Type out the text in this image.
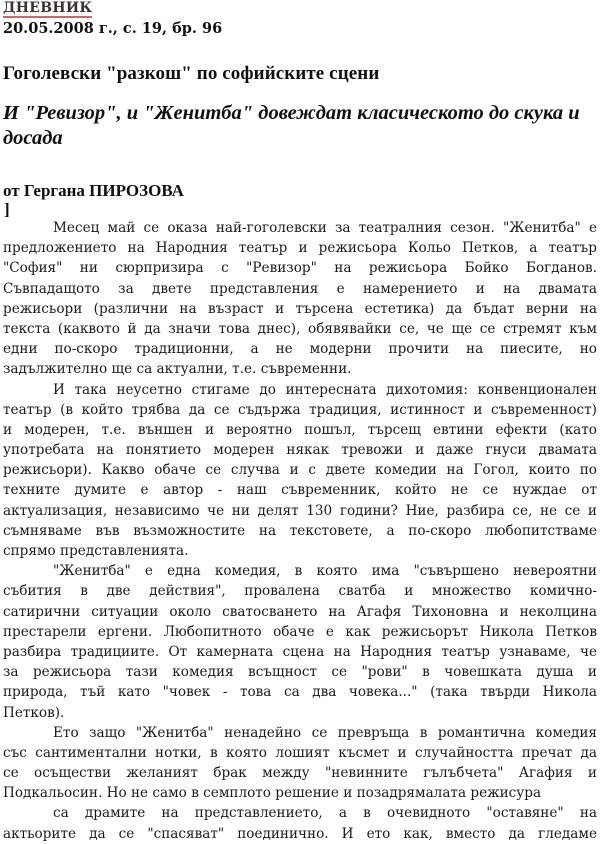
ДНЕВНИК
20.05.2008 г., с. 19, бр. 96
Гоголевски "разкош" по софийските сцени
И "Ревизор", и "Женитба" довеждат класическото до скука и досада
от Гергана ПИРОЗОВА
]
Месец май се оказа най-гоголевски за театралния сезон. "Женитба" е
предложението на Народния театър и режисьора Кольо Петков, а театър
"София" ни сюрпризира с "Ревизор" на режисьора Бойко Богданов.
Съвпадащото за двете представления е намерението и на двамата
режисьори (различни на възраст и търсена естетика) да бъдат верни на
текста (каквото й да значи това днес), обявявайки се, че ще се стремят към
едни по-скоро традиционни, а не модерни прочити на пиесите, но
задължително ще са актуални, т.е. съвременни.
И така неусетно стигаме до интересната дихотомия: конвенционален
театър (в който трябва да се съдържа традиция, истинност и съвременност)
и модерен, т.е. външен и вероятно пошъл, търсещ евтини ефекти (като
употребата на понятието модерен някак тревожи и даже гнуси двамата
режисьори). Какво обаче се случва и с двете комедии на Гогол, които по
техните думите е автор - наш съвременник, който не се нуждае от
актуализация, независимо че ни делят 130 години? Ние, разбира се, не се и
съмняваме във възможностите на текстовете, а по-скоро любопитстваме
спрямо представленията.
"Женитба" е една комедия, в която има "съвършено невероятни
събития в две действия", провалена сватба и множество комично-
сатирични ситуации около сватосването на Агафя Тихоновна и неколцина
престарели ергени. Любопитното обаче е как режисьорът Никола Петков
разбира традициите. От камерната сцена на Народния театър узнаваме, че
за режисьора тази комедия всъщност се "рови" в човешката душа и
природа, тъй като "човек - това са два човека..." (така твърди Никола
Петков).
Ето защо "Женитба" ненадейно се превръща в романтична комедия
със сантиментални нотки, в която лошият късмет и случайността пречат да
се осъществи желаният брак между "невинните гълъбчета" Агафия и
Подкальосин. Но не само в семплото решение и позадрямалата режисура
са драмите на представлението, а в очевидното "оставяне" на
актьорите да се "спасяват" поединично. И ето как, вместо да гледаме
